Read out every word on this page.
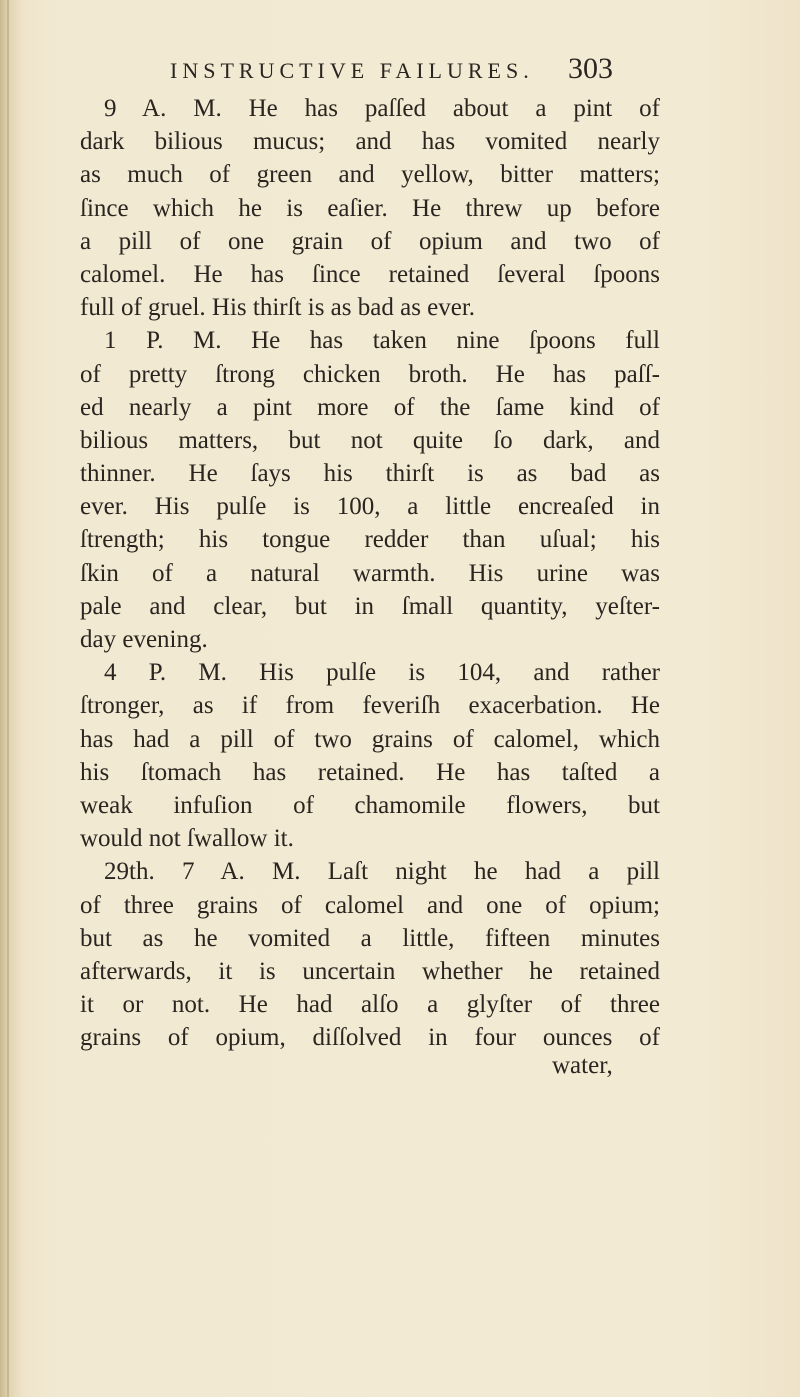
INSTRUCTIVE FAILURES. 303
9 A. M. He has paſſed about a pint of
dark bilious mucus; and has vomited nearly
as much of green and yellow, bitter matters;
ſince which he is eaſier. He threw up before
a pill of one grain of opium and two of
calomel. He has ſince retained ſeveral ſpoons
full of gruel. His thirſt is as bad as ever.
1 P. M. He has taken nine ſpoons full
of pretty ſtrong chicken broth. He has paſſ-
ed nearly a pint more of the ſame kind of
bilious matters, but not quite ſo dark, and
thinner. He ſays his thirſt is as bad as
ever. His pulſe is 100, a little encreaſed in
ſtrength; his tongue redder than uſual; his
ſkin of a natural warmth. His urine was
pale and clear, but in ſmall quantity, yeſter-
day evening.
4 P. M. His pulſe is 104, and rather
ſtronger, as if from feveriſh exacerbation. He
has had a pill of two grains of calomel, which
his ſtomach has retained. He has taſted a
weak infuſion of chamomile flowers, but
would not ſwallow it.
29th. 7 A. M. Laſt night he had a pill
of three grains of calomel and one of opium;
but as he vomited a little, fifteen minutes
afterwards, it is uncertain whether he retained
it or not. He had alſo a glyſter of three
grains of opium, diſſolved in four ounces of
water,
